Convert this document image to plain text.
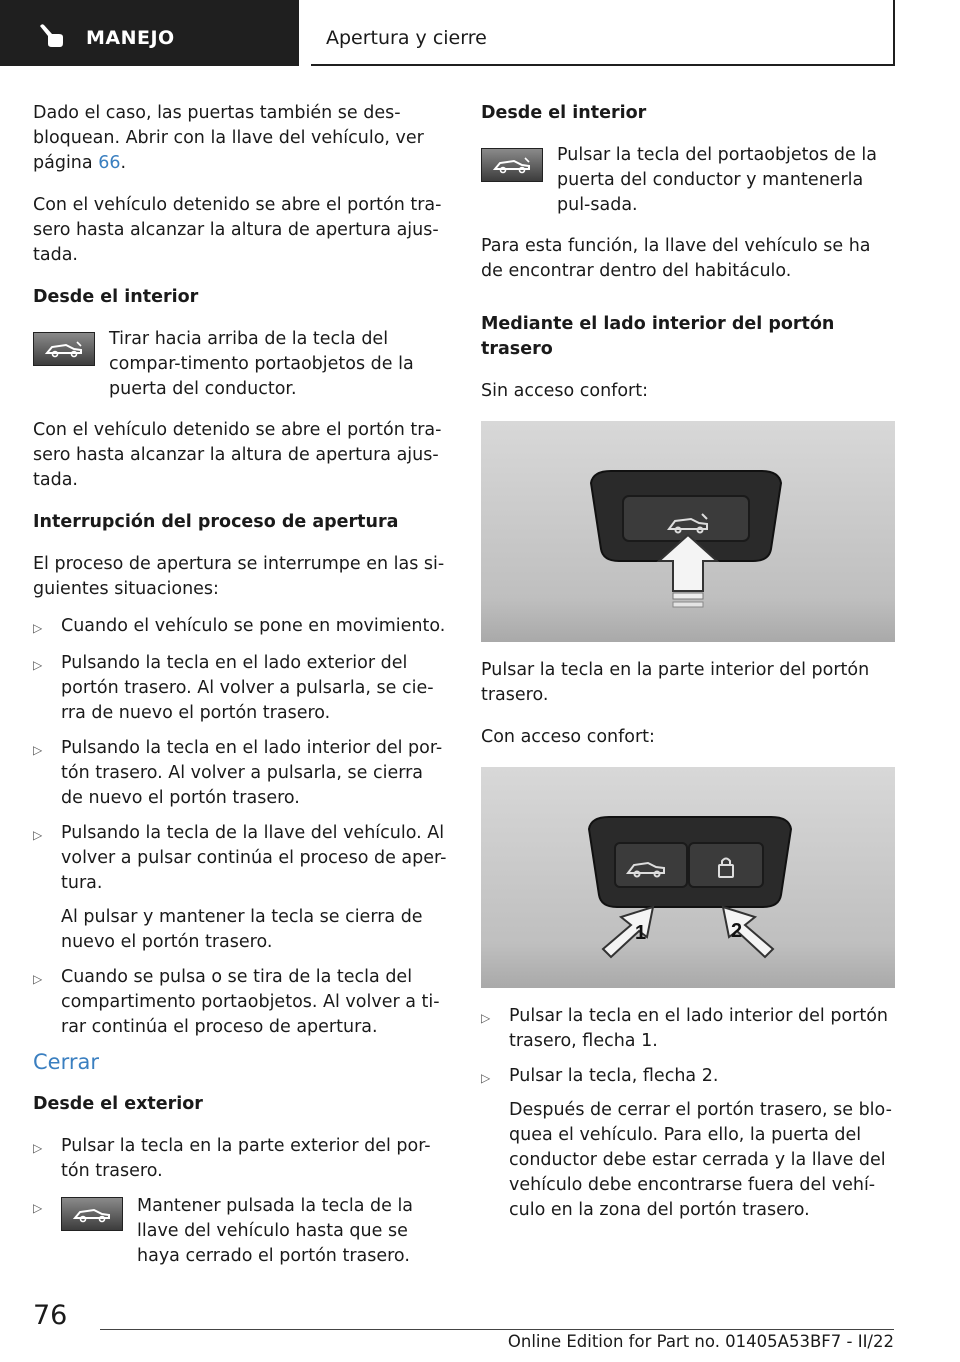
MANEJO	Apertura y cierre

Dado el caso, las puertas también se des-bloquean. Abrir con la llave del vehículo, ver página 66.

Con el vehículo detenido se abre el portón tra-sero hasta alcanzar la altura de apertura ajus-tada.

Desde el interior

Tirar hacia arriba de la tecla del compar-timento portaobjetos de la puerta del conductor.

Con el vehículo detenido se abre el portón tra-sero hasta alcanzar la altura de apertura ajus-tada.

Interrupción del proceso de apertura

El proceso de apertura se interrumpe en las si-guientes situaciones:

▷	Cuando el vehículo se pone en movimiento.
▷	Pulsando la tecla en el lado exterior del portón trasero. Al volver a pulsarla, se cie-rra de nuevo el portón trasero.
▷	Pulsando la tecla en el lado interior del por-tón trasero. Al volver a pulsarla, se cierra de nuevo el portón trasero.
▷	Pulsando la tecla de la llave del vehículo. Al volver a pulsar continúa el proceso de aper-tura.

Al pulsar y mantener la tecla se cierra de nuevo el portón trasero.
▷	Cuando se pulsa o se tira de la tecla del compartimento portaobjetos. Al volver a ti-rar continúa el proceso de apertura.

Cerrar

Desde el exterior

▷	Pulsar la tecla en la parte exterior del por-tón trasero.
▷	Mantener pulsada la tecla de la llave del vehículo hasta que se haya cerrado el portón trasero.

Desde el interior

Pulsar la tecla del portaobjetos de la puerta del conductor y mantenerla pul-sada.

Para esta función, la llave del vehículo se ha de encontrar dentro del habitáculo.

Mediante el lado interior del portón trasero

Sin acceso confort:

Pulsar la tecla en la parte interior del portón trasero.

Con acceso confort:

1	2
▷	Pulsar la tecla en el lado interior del portón trasero, flecha 1.
▷	Pulsar la tecla, flecha 2.
Después de cerrar el portón trasero, se blo-quea el vehículo. Para ello, la puerta del conductor debe estar cerrada y la llave del vehículo debe encontrarse fuera del vehí-culo en la zona del portón trasero.
76
Online Edition for Part no. 01405A53BF7 - II/22
